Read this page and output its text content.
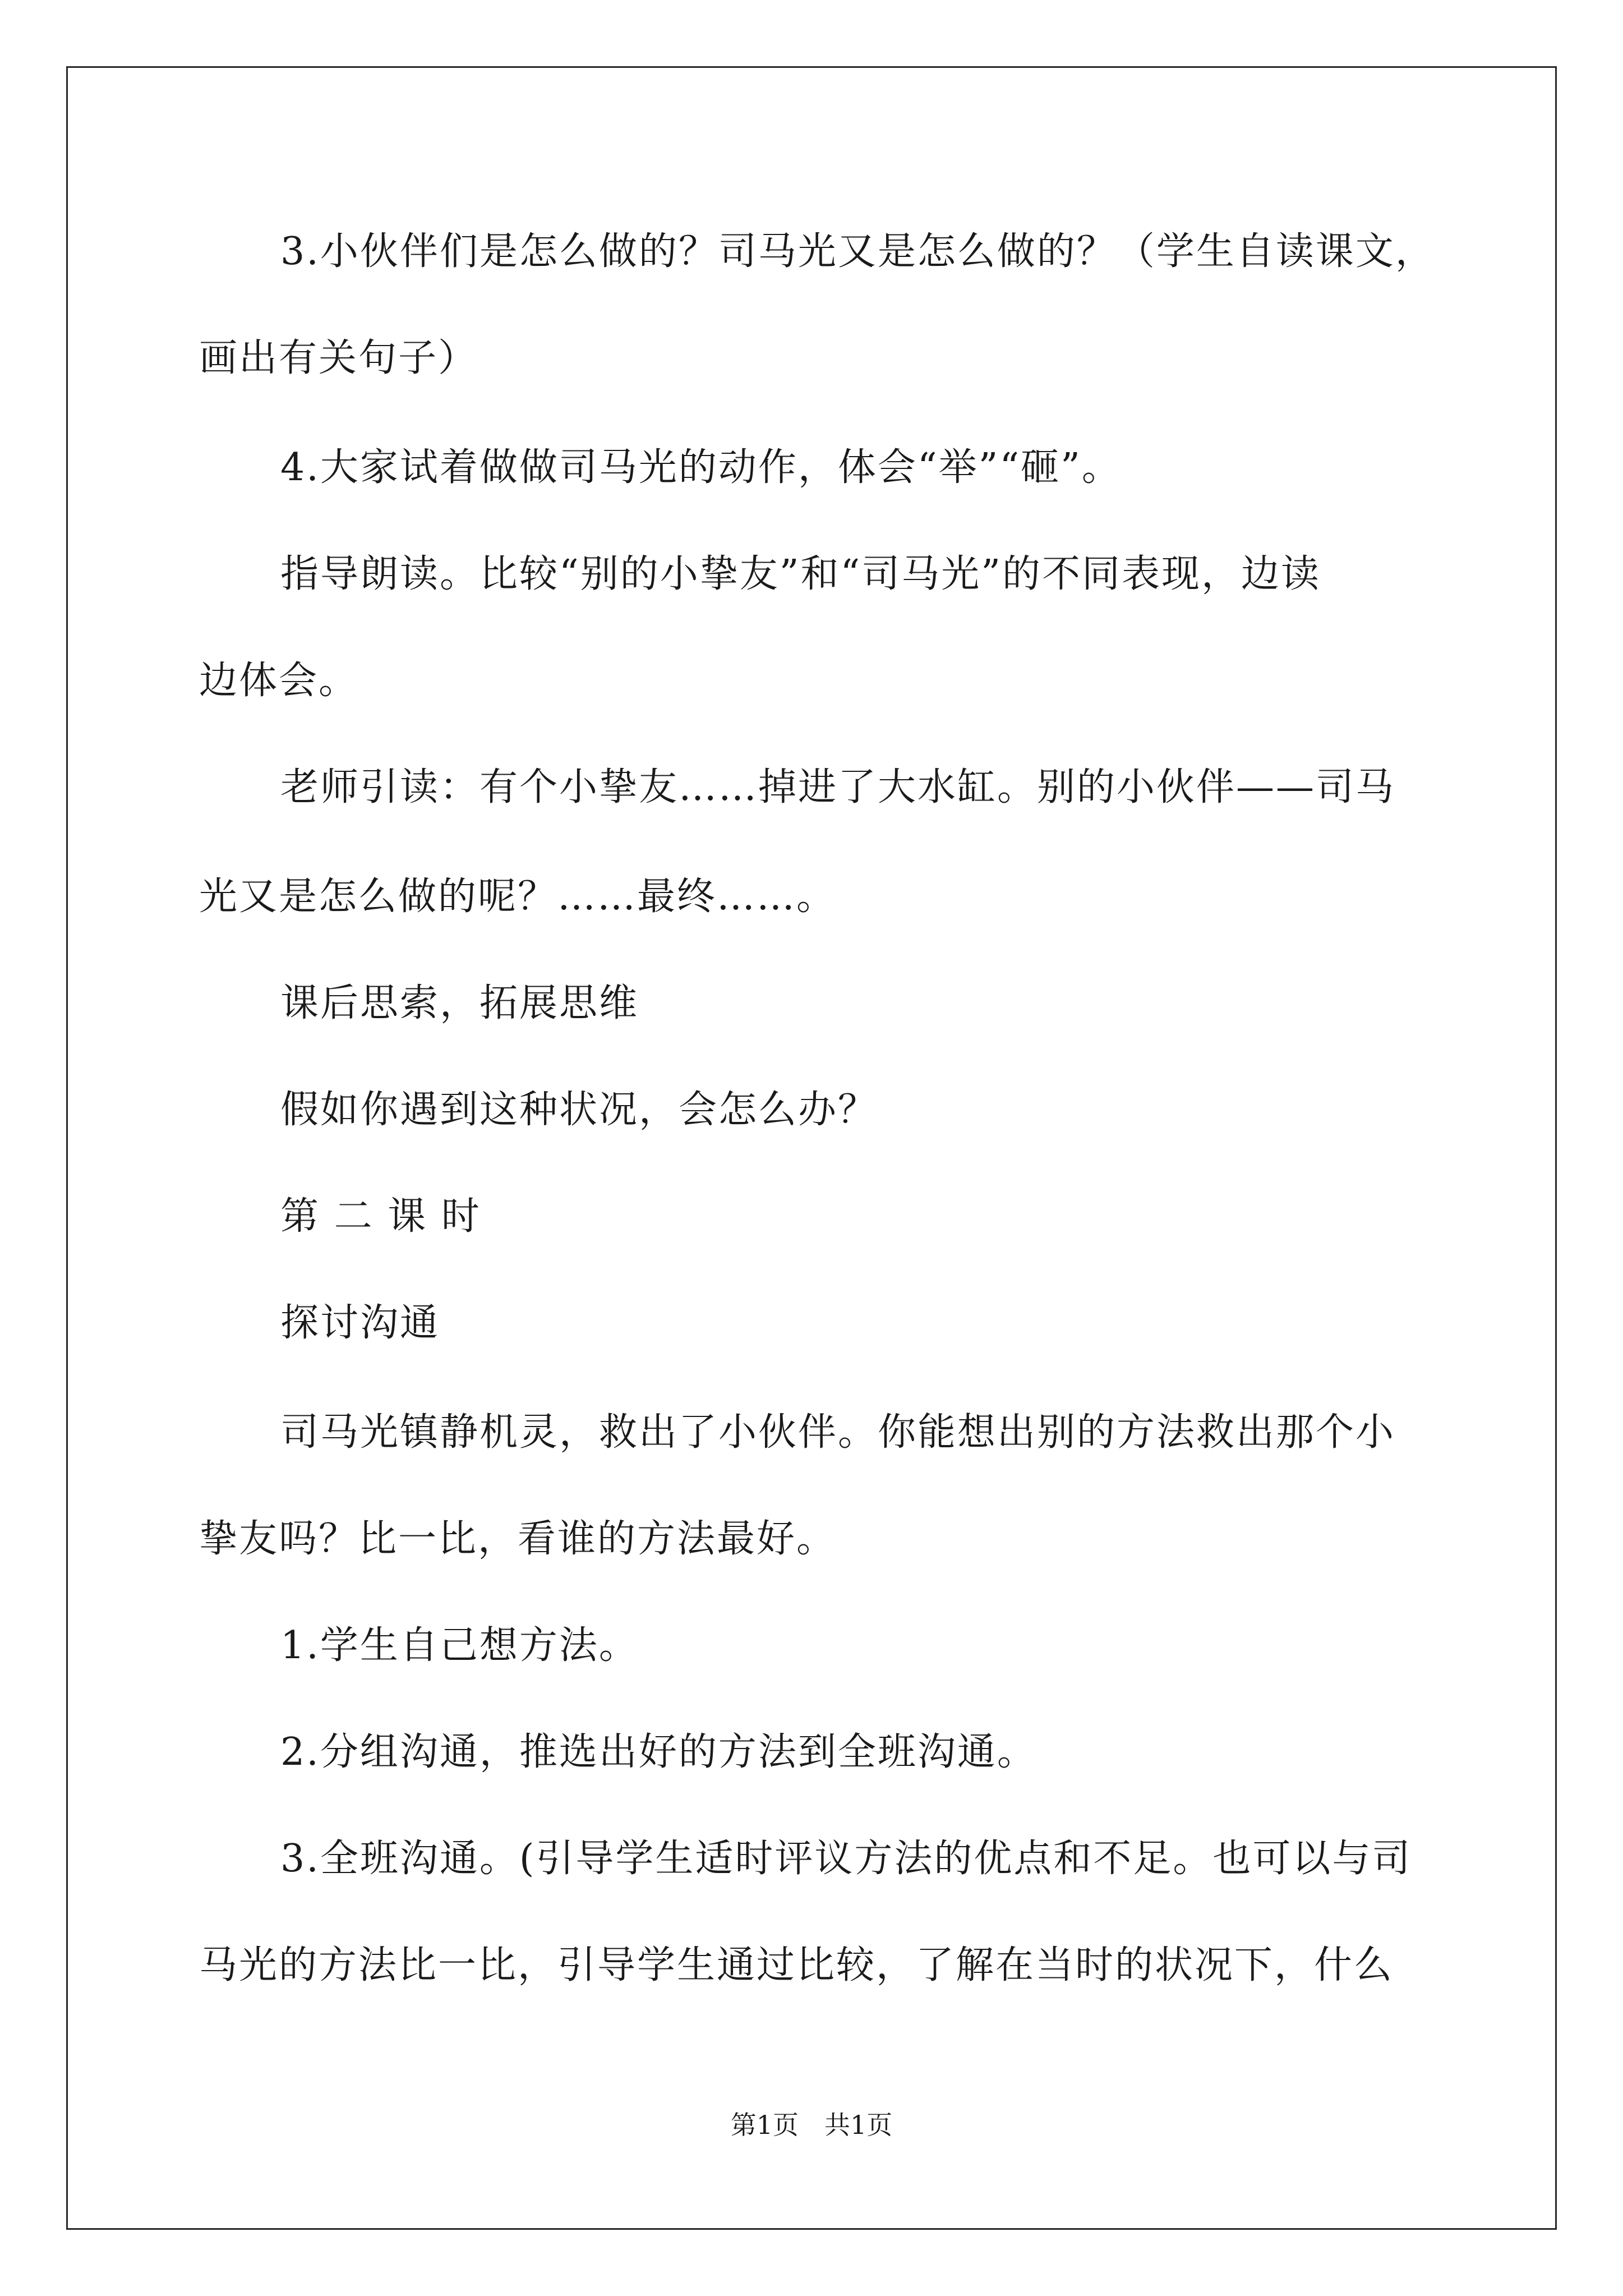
3.小伙伴们是怎么做的？司马光又是怎么做的？（学生自读课文，
画出有关句子）
4.大家试着做做司马光的动作，体会“举”“砸”。
指导朗读。比较“别的小挚友”和“司马光”的不同表现，边读
边体会。
老师引读：有个小挚友……掉进了大水缸。别的小伙伴——司马
光又是怎么做的呢？……最终……。
课后思索，拓展思维
假如你遇到这种状况，会怎么办？
第 二 课 时
探讨沟通
司马光镇静机灵，救出了小伙伴。你能想出别的方法救出那个小
挚友吗？比一比，看谁的方法最好。
1.学生自己想方法。
2.分组沟通，推选出好的方法到全班沟通。
3.全班沟通。(引导学生适时评议方法的优点和不足。也可以与司
马光的方法比一比，引导学生通过比较，了解在当时的状况下，什么
第1页　共1页
